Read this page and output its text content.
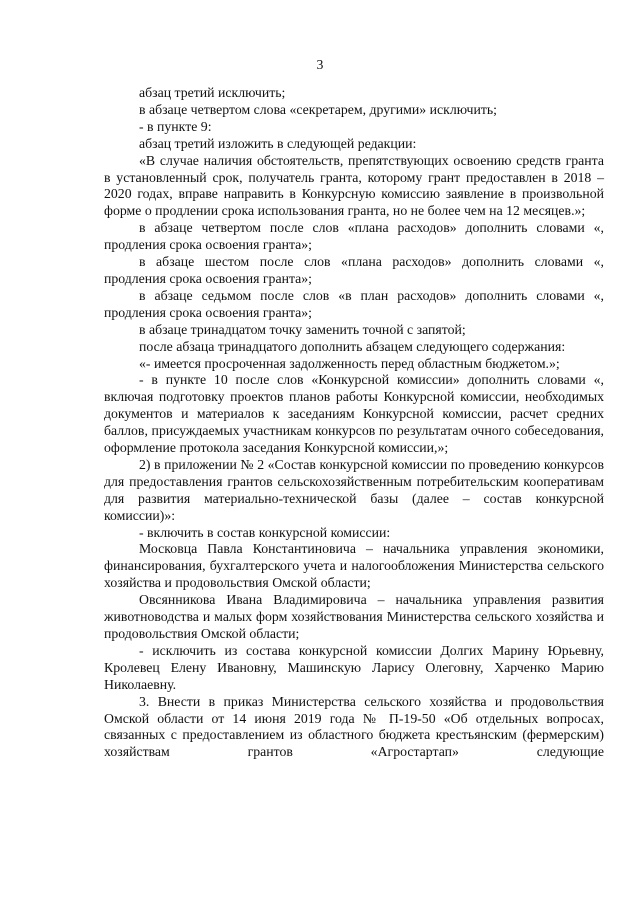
3

абзац третий исключить;

в абзаце четвертом слова «секретарем, другими» исключить;

- в пункте 9:

абзац третий изложить в следующей редакции:

«В случае наличия обстоятельств, препятствующих освоению средств гранта в установленный срок, получатель гранта, которому грант предоставлен в 2018 – 2020 годах, вправе направить в Конкурсную комиссию заявление в произвольной форме о продлении срока использования гранта, но не более чем на 12 месяцев.»;

в абзаце четвертом после слов «плана расходов» дополнить словами «, продления срока освоения гранта»;

в абзаце шестом после слов «плана расходов» дополнить словами «, продления срока освоения гранта»;

в абзаце седьмом после слов «в план расходов» дополнить словами «, продления срока освоения гранта»;

в абзаце тринадцатом точку заменить точной с запятой;

после абзаца тринадцатого дополнить абзацем следующего содержания:

«- имеется просроченная задолженность перед областным бюджетом.»;

- в пункте 10 после слов «Конкурсной комиссии» дополнить словами «, включая подготовку проектов планов работы Конкурсной комиссии, необходимых документов и материалов к заседаниям Конкурсной комиссии, расчет средних баллов, присуждаемых участникам конкурсов по результатам очного собеседования, оформление протокола заседания Конкурсной комиссии,»;

2) в приложении № 2 «Состав конкурсной комиссии по проведению конкурсов для предоставления грантов сельскохозяйственным потребительским кооперативам для развития материально-технической базы (далее – состав конкурсной комиссии)»:

- включить в состав конкурсной комиссии:

Московца Павла Константиновича – начальника управления экономики, финансирования, бухгалтерского учета и налогообложения Министерства сельского хозяйства и продовольствия Омской области;

Овсянникова Ивана Владимировича – начальника управления развития животноводства и малых форм хозяйствования Министерства сельского хозяйства и продовольствия Омской области;

- исключить из состава конкурсной комиссии Долгих Марину Юрьевну, Кролевец Елену Ивановну, Машинскую Ларису Олеговну, Харченко Марию Николаевну.

3. Внести в приказ Министерства сельского хозяйства и продовольствия Омской области от 14 июня 2019 года № П-19-50 «Об отдельных вопросах, связанных с предоставлением из областного бюджета крестьянским (фермерским) хозяйствам грантов «Агростартап» следующие
